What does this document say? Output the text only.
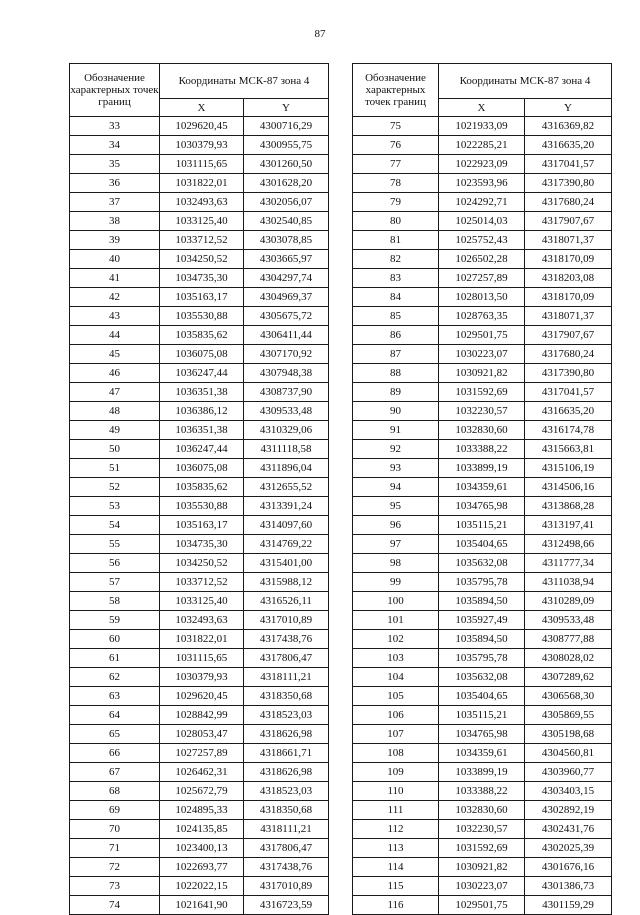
87
Обозначение характерных точек границ	Координаты МСК-87 зона 4	
	X	Y
33	1029620,45	4300716,29
34	1030379,93	4300955,75
35	1031115,65	4301260,50
36	1031822,01	4301628,20
37	1032493,63	4302056,07
38	1033125,40	4302540,85
39	1033712,52	4303078,85
40	1034250,52	4303665,97
41	1034735,30	4304297,74
42	1035163,17	4304969,37
43	1035530,88	4305675,72
44	1035835,62	4306411,44
45	1036075,08	4307170,92
46	1036247,44	4307948,38
47	1036351,38	4308737,90
48	1036386,12	4309533,48
49	1036351,38	4310329,06
50	1036247,44	4311118,58
51	1036075,08	4311896,04
52	1035835,62	4312655,52
53	1035530,88	4313391,24
54	1035163,17	4314097,60
55	1034735,30	4314769,22
56	1034250,52	4315401,00
57	1033712,52	4315988,12
58	1033125,40	4316526,11
59	1032493,63	4317010,89
60	1031822,01	4317438,76
61	1031115,65	4317806,47
62	1030379,93	4318111,21
63	1029620,45	4318350,68
64	1028842,99	4318523,03
65	1028053,47	4318626,98
66	1027257,89	4318661,71
67	1026462,31	4318626,98
68	1025672,79	4318523,03
69	1024895,33	4318350,68
70	1024135,85	4318111,21
71	1023400,13	4317806,47
72	1022693,77	4317438,76
73	1022022,15	4317010,89
74	1021641,90	4316723,59
Обозначение характерных точек границ	Координаты МСК-87 зона 4	
	X	Y
75	1021933,09	4316369,82
76	1022285,21	4316635,20
77	1022923,09	4317041,57
78	1023593,96	4317390,80
79	1024292,71	4317680,24
80	1025014,03	4317907,67
81	1025752,43	4318071,37
82	1026502,28	4318170,09
83	1027257,89	4318203,08
84	1028013,50	4318170,09
85	1028763,35	4318071,37
86	1029501,75	4317907,67
87	1030223,07	4317680,24
88	1030921,82	4317390,80
89	1031592,69	4317041,57
90	1032230,57	4316635,20
91	1032830,60	4316174,78
92	1033388,22	4315663,81
93	1033899,19	4315106,19
94	1034359,61	4314506,16
95	1034765,98	4313868,28
96	1035115,21	4313197,41
97	1035404,65	4312498,66
98	1035632,08	4311777,34
99	1035795,78	4311038,94
100	1035894,50	4310289,09
101	1035927,49	4309533,48
102	1035894,50	4308777,88
103	1035795,78	4308028,02
104	1035632,08	4307289,62
105	1035404,65	4306568,30
106	1035115,21	4305869,55
107	1034765,98	4305198,68
108	1034359,61	4304560,81
109	1033899,19	4303960,77
110	1033388,22	4303403,15
111	1032830,60	4302892,19
112	1032230,57	4302431,76
113	1031592,69	4302025,39
114	1030921,82	4301676,16
115	1030223,07	4301386,73
116	1029501,75	4301159,29
